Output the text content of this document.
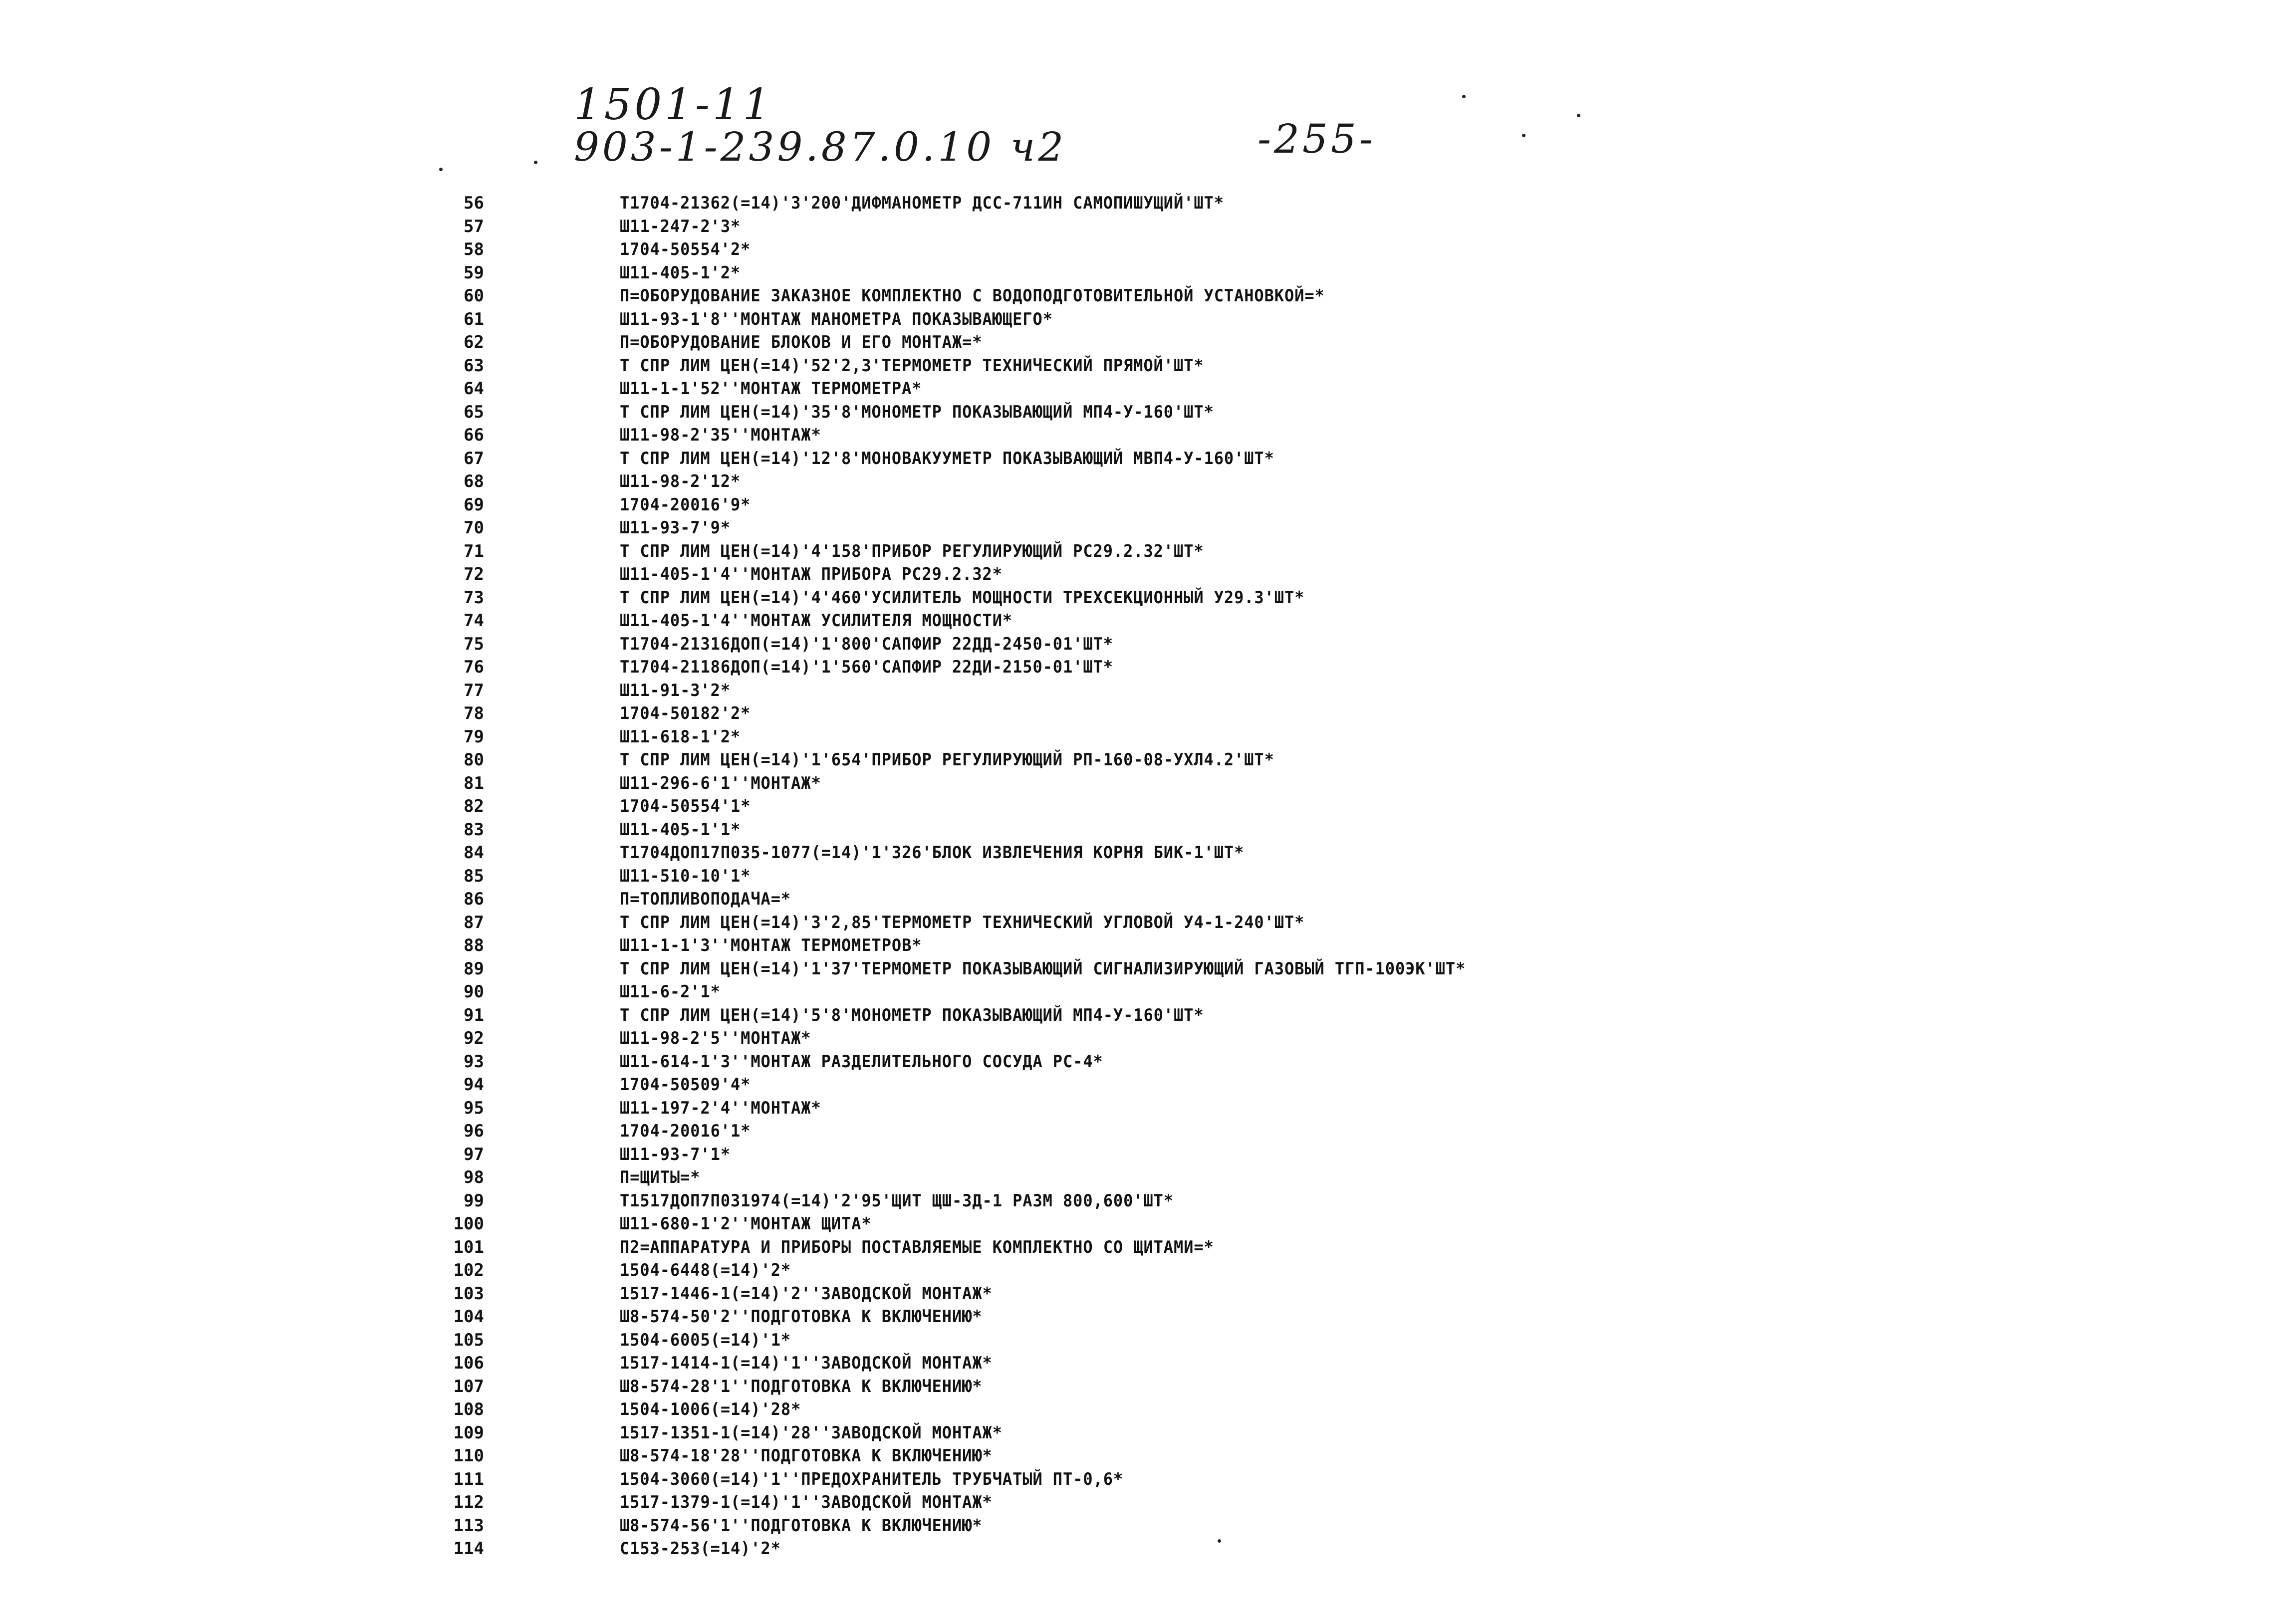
1501-11
903-1-239.87.0.10 ч2	-255-
56	T1704-21362(=14)'3'200'ДИФМАНОМЕТР ДСС-711ИН САМОПИШУЩИЙ'ШТ*
57	Ш11-247-2'3*
58	1704-50554'2*
59	Ш11-405-1'2*
60	П=ОБОРУДОВАНИЕ ЗАКАЗНОЕ КОМПЛЕКТНО С ВОДОПОДГОТОВИТЕЛЬНОЙ УСТАНОВКОЙ=*
61	Ш11-93-1'8''МОНТАЖ МАНОМЕТРА ПОКАЗЫВАЮЩЕГО*
62	П=ОБОРУДОВАНИЕ БЛОКОВ И ЕГО МОНТАЖ=*
63	T СПР ЛИМ ЦЕН(=14)'52'2,3'ТЕРМОМЕТР ТЕХНИЧЕСКИЙ ПРЯМОЙ'ШТ*
64	Ш11-1-1'52''МОНТАЖ ТЕРМОМЕТРА*
65	T СПР ЛИМ ЦЕН(=14)'35'8'МОНОМЕТР ПОКАЗЫВАЮЩИЙ МП4-У-160'ШТ*
66	Ш11-98-2'35''МОНТАЖ*
67	T СПР ЛИМ ЦЕН(=14)'12'8'МОНОВАКУУМЕТР ПОКАЗЫВАЮЩИЙ МВП4-У-160'ШТ*
68	Ш11-98-2'12*
69	1704-20016'9*
70	Ш11-93-7'9*
71	T СПР ЛИМ ЦЕН(=14)'4'158'ПРИБОР РЕГУЛИРУЮЩИЙ РС29.2.32'ШТ*
72	Ш11-405-1'4''МОНТАЖ ПРИБОРА РС29.2.32*
73	T СПР ЛИМ ЦЕН(=14)'4'460'УСИЛИТЕЛЬ МОЩНОСТИ ТРЕХСЕКЦИОННЫЙ У29.3'ШТ*
74	Ш11-405-1'4''МОНТАЖ УСИЛИТЕЛЯ МОЩНОСТИ*
75	T1704-21316ДОП(=14)'1'800'САПФИР 22ДД-2450-01'ШТ*
76	T1704-21186ДОП(=14)'1'560'САПФИР 22ДИ-2150-01'ШТ*
77	Ш11-91-3'2*
78	1704-50182'2*
79	Ш11-618-1'2*
80	T СПР ЛИМ ЦЕН(=14)'1'654'ПРИБОР РЕГУЛИРУЮЩИЙ РП-160-08-УХЛ4.2'ШТ*
81	Ш11-296-6'1''МОНТАЖ*
82	1704-50554'1*
83	Ш11-405-1'1*
84	T1704ДОП17П035-1077(=14)'1'326'БЛОК ИЗВЛЕЧЕНИЯ КОРНЯ БИК-1'ШТ*
85	Ш11-510-10'1*
86	П=ТОПЛИВОПОДАЧА=*
87	T СПР ЛИМ ЦЕН(=14)'3'2,85'ТЕРМОМЕТР ТЕХНИЧЕСКИЙ УГЛОВОЙ У4-1-240'ШТ*
88	Ш11-1-1'3''МОНТАЖ ТЕРМОМЕТРОВ*
89	T СПР ЛИМ ЦЕН(=14)'1'37'ТЕРМОМЕТР ПОКАЗЫВАЮЩИЙ СИГНАЛИЗИРУЮЩИЙ ГАЗОВЫЙ ТГП-100ЭК'ШТ*
90	Ш11-6-2'1*
91	T СПР ЛИМ ЦЕН(=14)'5'8'МОНОМЕТР ПОКАЗЫВАЮЩИЙ МП4-У-160'ШТ*
92	Ш11-98-2'5''МОНТАЖ*
93	Ш11-614-1'3''МОНТАЖ РАЗДЕЛИТЕЛЬНОГО СОСУДА РС-4*
94	1704-50509'4*
95	Ш11-197-2'4''МОНТАЖ*
96	1704-20016'1*
97	Ш11-93-7'1*
98	П=ЩИТЫ=*
99	T1517ДОП7П031974(=14)'2'95'ЩИТ ЩШ-ЗД-1 РАЗМ 800,600'ШТ*
100	Ш11-680-1'2''МОНТАЖ ЩИТА*
101	П2=АППАРАТУРА И ПРИБОРЫ ПОСТАВЛЯЕМЫЕ КОМПЛЕКТНО СО ЩИТАМИ=*
102	1504-6448(=14)'2*
103	1517-1446-1(=14)'2''ЗАВОДСКОЙ МОНТАЖ*
104	Ш8-574-50'2''ПОДГОТОВКА К ВКЛЮЧЕНИЮ*
105	1504-6005(=14)'1*
106	1517-1414-1(=14)'1''ЗАВОДСКОЙ МОНТАЖ*
107	Ш8-574-28'1''ПОДГОТОВКА К ВКЛЮЧЕНИЮ*
108	1504-1006(=14)'28*
109	1517-1351-1(=14)'28''ЗАВОДСКОЙ МОНТАЖ*
110	Ш8-574-18'28''ПОДГОТОВКА К ВКЛЮЧЕНИЮ*
111	1504-3060(=14)'1''ПРЕДОХРАНИТЕЛЬ ТРУБЧАТЫЙ ПТ-0,6*
112	1517-1379-1(=14)'1''ЗАВОДСКОЙ МОНТАЖ*
113	Ш8-574-56'1''ПОДГОТОВКА К ВКЛЮЧЕНИЮ*
114	С153-253(=14)'2*
